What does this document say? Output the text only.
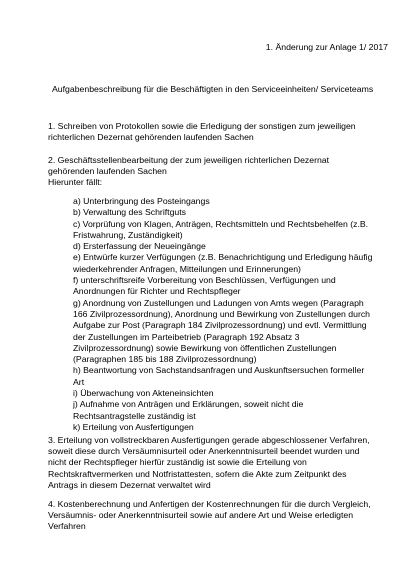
1. Änderung zur Anlage 1/ 2017

Aufgabenbeschreibung für die Beschäftigten in den Serviceeinheiten/ Serviceteams

1. Schreiben von Protokollen sowie die Erledigung der sonstigen zum jeweiligen
richterlichen Dezernat gehörenden laufenden Sachen
2. Geschäftsstellenbearbeitung der zum jeweiligen richterlichen Dezernat
gehörenden laufenden Sachen
Hierunter fällt:
a) Unterbringung des Posteingangs
b) Verwaltung des Schriftguts
c) Vorprüfung von Klagen, Anträgen, Rechtsmitteln und Rechtsbehelfen (z.B.
Fristwahrung, Zuständigkeit)
d) Ersterfassung der Neueingänge
e) Entwürfe kurzer Verfügungen (z.B. Benachrichtigung und Erledigung häufig
wiederkehrender Anfragen, Mitteilungen und Erinnerungen)
f) unterschriftsreife Vorbereitung von Beschlüssen, Verfügungen und
Anordnungen für Richter und Rechtspfleger
g) Anordnung von Zustellungen und Ladungen von Amts wegen (Paragraph
166 Zivilprozessordnung), Anordnung und Bewirkung von Zustellungen durch
Aufgabe zur Post (Paragraph 184 Zivilprozessordnung) und evtl. Vermittlung
der Zustellungen im Parteibetrieb (Paragraph 192 Absatz 3
Zivilprozessordnung) sowie Bewirkung von öffentlichen Zustellungen
(Paragraphen 185 bis 188 Zivilprozessordnung)
h) Beantwortung von Sachstandsanfragen und Auskunftsersuchen formeller
Art
i) Überwachung von Akteneinsichten
j) Aufnahme von Anträgen und Erklärungen, soweit nicht die
Rechtsantragstelle zuständig ist
k) Erteilung von Ausfertigungen
3. Erteilung von vollstreckbaren Ausfertigungen gerade abgeschlossener Verfahren,
soweit diese durch Versäumnisurteil oder Anerkenntnisurteil beendet wurden und
nicht der Rechtspfleger hierfür zuständig ist sowie die Erteilung von
Rechtskraftvermerken und Notfristattesten, sofern die Akte zum Zeitpunkt des
Antrags in diesem Dezernat verwaltet wird
4. Kostenberechnung und Anfertigen der Kostenrechnungen für die durch Vergleich,
Versäumnis- oder Anerkenntnisurteil sowie auf andere Art und Weise erledigten
Verfahren
